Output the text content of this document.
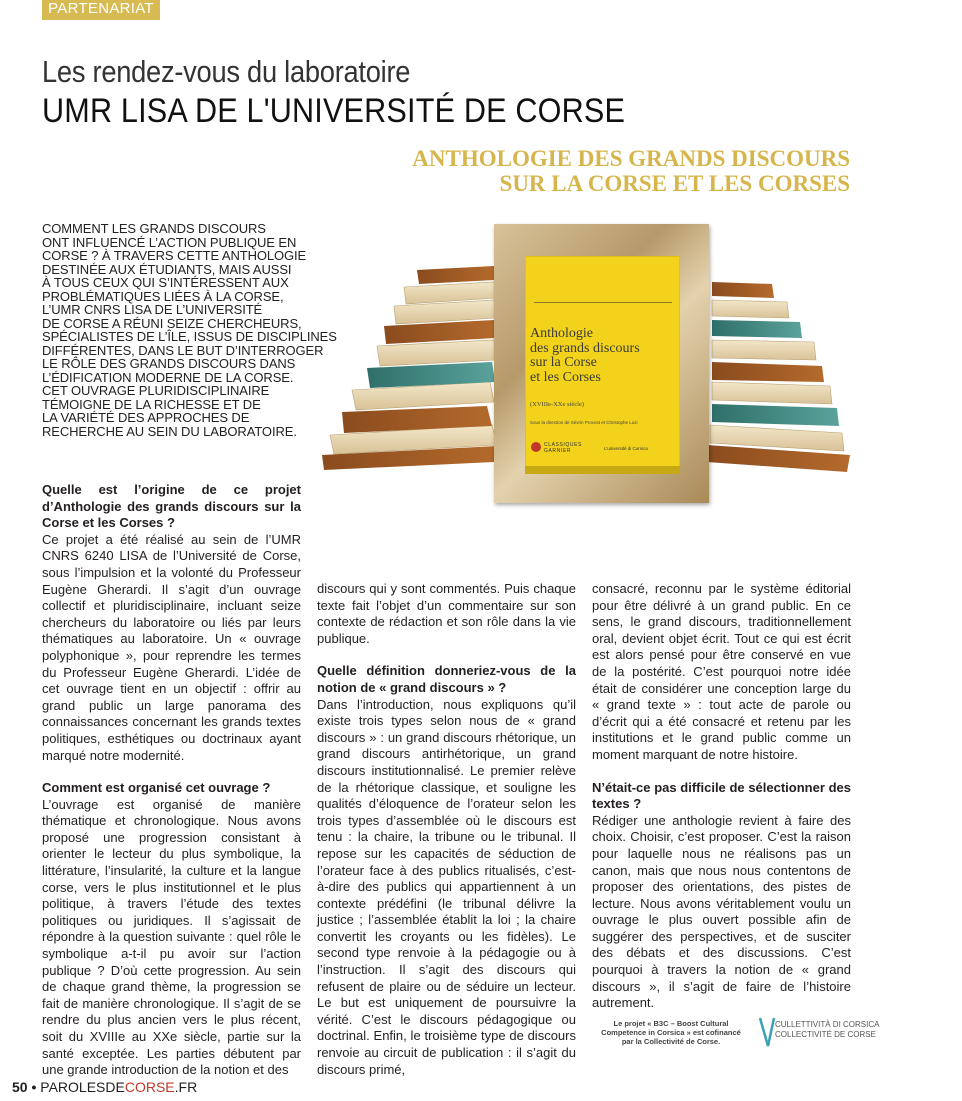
PARTENARIAT
Les rendez-vous du laboratoire
UMR LISA DE L'UNIVERSITÉ DE CORSE
ANTHOLOGIE DES GRANDS DISCOURS
SUR LA CORSE ET LES CORSES
COMMENT LES GRANDS DISCOURS
ONT INFLUENCÉ L’ACTION PUBLIQUE EN
CORSE ? À TRAVERS CETTE ANTHOLOGIE
DESTINÉE AUX ÉTUDIANTS, MAIS AUSSI
À TOUS CEUX QUI S’INTÉRESSENT AUX
PROBLÉMATIQUES LIÉES À LA CORSE,
L’UMR CNRS LISA DE L’UNIVERSITÉ
DE CORSE A RÉUNI SEIZE CHERCHEURS,
SPÉCIALISTES DE L’ÎLE, ISSUS DE DISCIPLINES
DIFFÉRENTES, DANS LE BUT D’INTERROGER
LE RÔLE DES GRANDS DISCOURS DANS
L’ÉDIFICATION MODERNE DE LA CORSE.
CET OUVRAGE PLURIDISCIPLINAIRE
TÉMOIGNE DE LA RICHESSE ET DE
LA VARIÉTÉ DES APPROCHES DE
RECHERCHE AU SEIN DU LABORATOIRE.
Anthologie
des grands discours
sur la Corse
et les Corses
(XVIIIe-XXe siècle)
Sous la direction de Sévrin Provost et Christophe Luzi
CLASSIQUES
GARNIER	L’université di Corsica
Quelle est l’origine de ce projet d’Anthologie des grands discours sur la Corse et les Corses ?

Ce projet a été réalisé au sein de l’UMR CNRS 6240 LISA de l’Université de Corse, sous l’impulsion et la volonté du Professeur Eugène Gherardi. Il s’agit d’un ouvrage collectif et pluridisciplinaire, incluant seize chercheurs du laboratoire ou liés par leurs thématiques au laboratoire. Un « ouvrage polyphonique », pour reprendre les termes du Professeur Eugène Gherardi. L’idée de cet ouvrage tient en un objectif : offrir au grand public un large panorama des connaissances concernant les grands textes politiques, esthétiques ou doctrinaux ayant marqué notre modernité.

Comment est organisé cet ouvrage ?

L’ouvrage est organisé de manière thématique et chronologique. Nous avons proposé une progression consistant à orienter le lecteur du plus symbolique, la littérature, l’insularité, la culture et la langue corse, vers le plus institutionnel et le plus politique, à travers l’étude des textes politiques ou juridiques. Il s’agissait de répondre à la question suivante : quel rôle le symbolique a-t-il pu avoir sur l’action publique ? D’où cette progression. Au sein de chaque grand thème, la progression se fait de manière chronologique. Il s’agit de se rendre du plus ancien vers le plus récent, soit du XVIIIe au XXe siècle, partie sur la santé exceptée. Les parties débutent par une grande introduction de la notion et des

discours qui y sont commentés. Puis chaque texte fait l’objet d’un commentaire sur son contexte de rédaction et son rôle dans la vie publique.

Quelle définition donneriez-vous de la notion de « grand discours » ?

Dans l’introduction, nous expliquons qu’il existe trois types selon nous de « grand discours » : un grand discours rhétorique, un grand discours antirhétorique, un grand discours institutionnalisé. Le premier relève de la rhétorique classique, et souligne les qualités d’éloquence de l’orateur selon les trois types d’assemblée où le discours est tenu : la chaire, la tribune ou le tribunal. Il repose sur les capacités de séduction de l’orateur face à des publics ritualisés, c’est-à-dire des publics qui appartiennent à un contexte prédéfini (le tribunal délivre la justice ; l’assemblée établit la loi ; la chaire convertit les croyants ou les fidèles). Le second type renvoie à la pédagogie ou à l’instruction. Il s’agit des discours qui refusent de plaire ou de séduire un lecteur. Le but est uniquement de poursuivre la vérité. C’est le discours pédagogique ou doctrinal. Enfin, le troisième type de discours renvoie au circuit de publication : il s’agit du discours primé,

consacré, reconnu par le système éditorial pour être délivré à un grand public. En ce sens, le grand discours, traditionnellement oral, devient objet écrit. Tout ce qui est écrit est alors pensé pour être conservé en vue de la postérité. C’est pourquoi notre idée était de considérer une conception large du « grand texte » : tout acte de parole ou d’écrit qui a été consacré et retenu par les institutions et le grand public comme un moment marquant de notre histoire.

N’était-ce pas difficile de sélectionner des textes ?

Rédiger une anthologie revient à faire des choix. Choisir, c’est proposer. C’est la raison pour laquelle nous ne réalisons pas un canon, mais que nous nous contentons de proposer des orientations, des pistes de lecture. Nous avons véritablement voulu un ouvrage le plus ouvert possible afin de suggérer des perspectives, et de susciter des débats et des discussions. C’est pourquoi à travers la notion de « grand discours », il s’agit de faire de l’histoire autrement.

Le projet « B3C – Boost Cultural Competence in Corsica » est cofinancé par la Collectivité de Corse.
CULLETTIVITÀ DI CORSICA
COLLECTIVITÉ DE CORSE
50 • PAROLESDECORSE.FR
